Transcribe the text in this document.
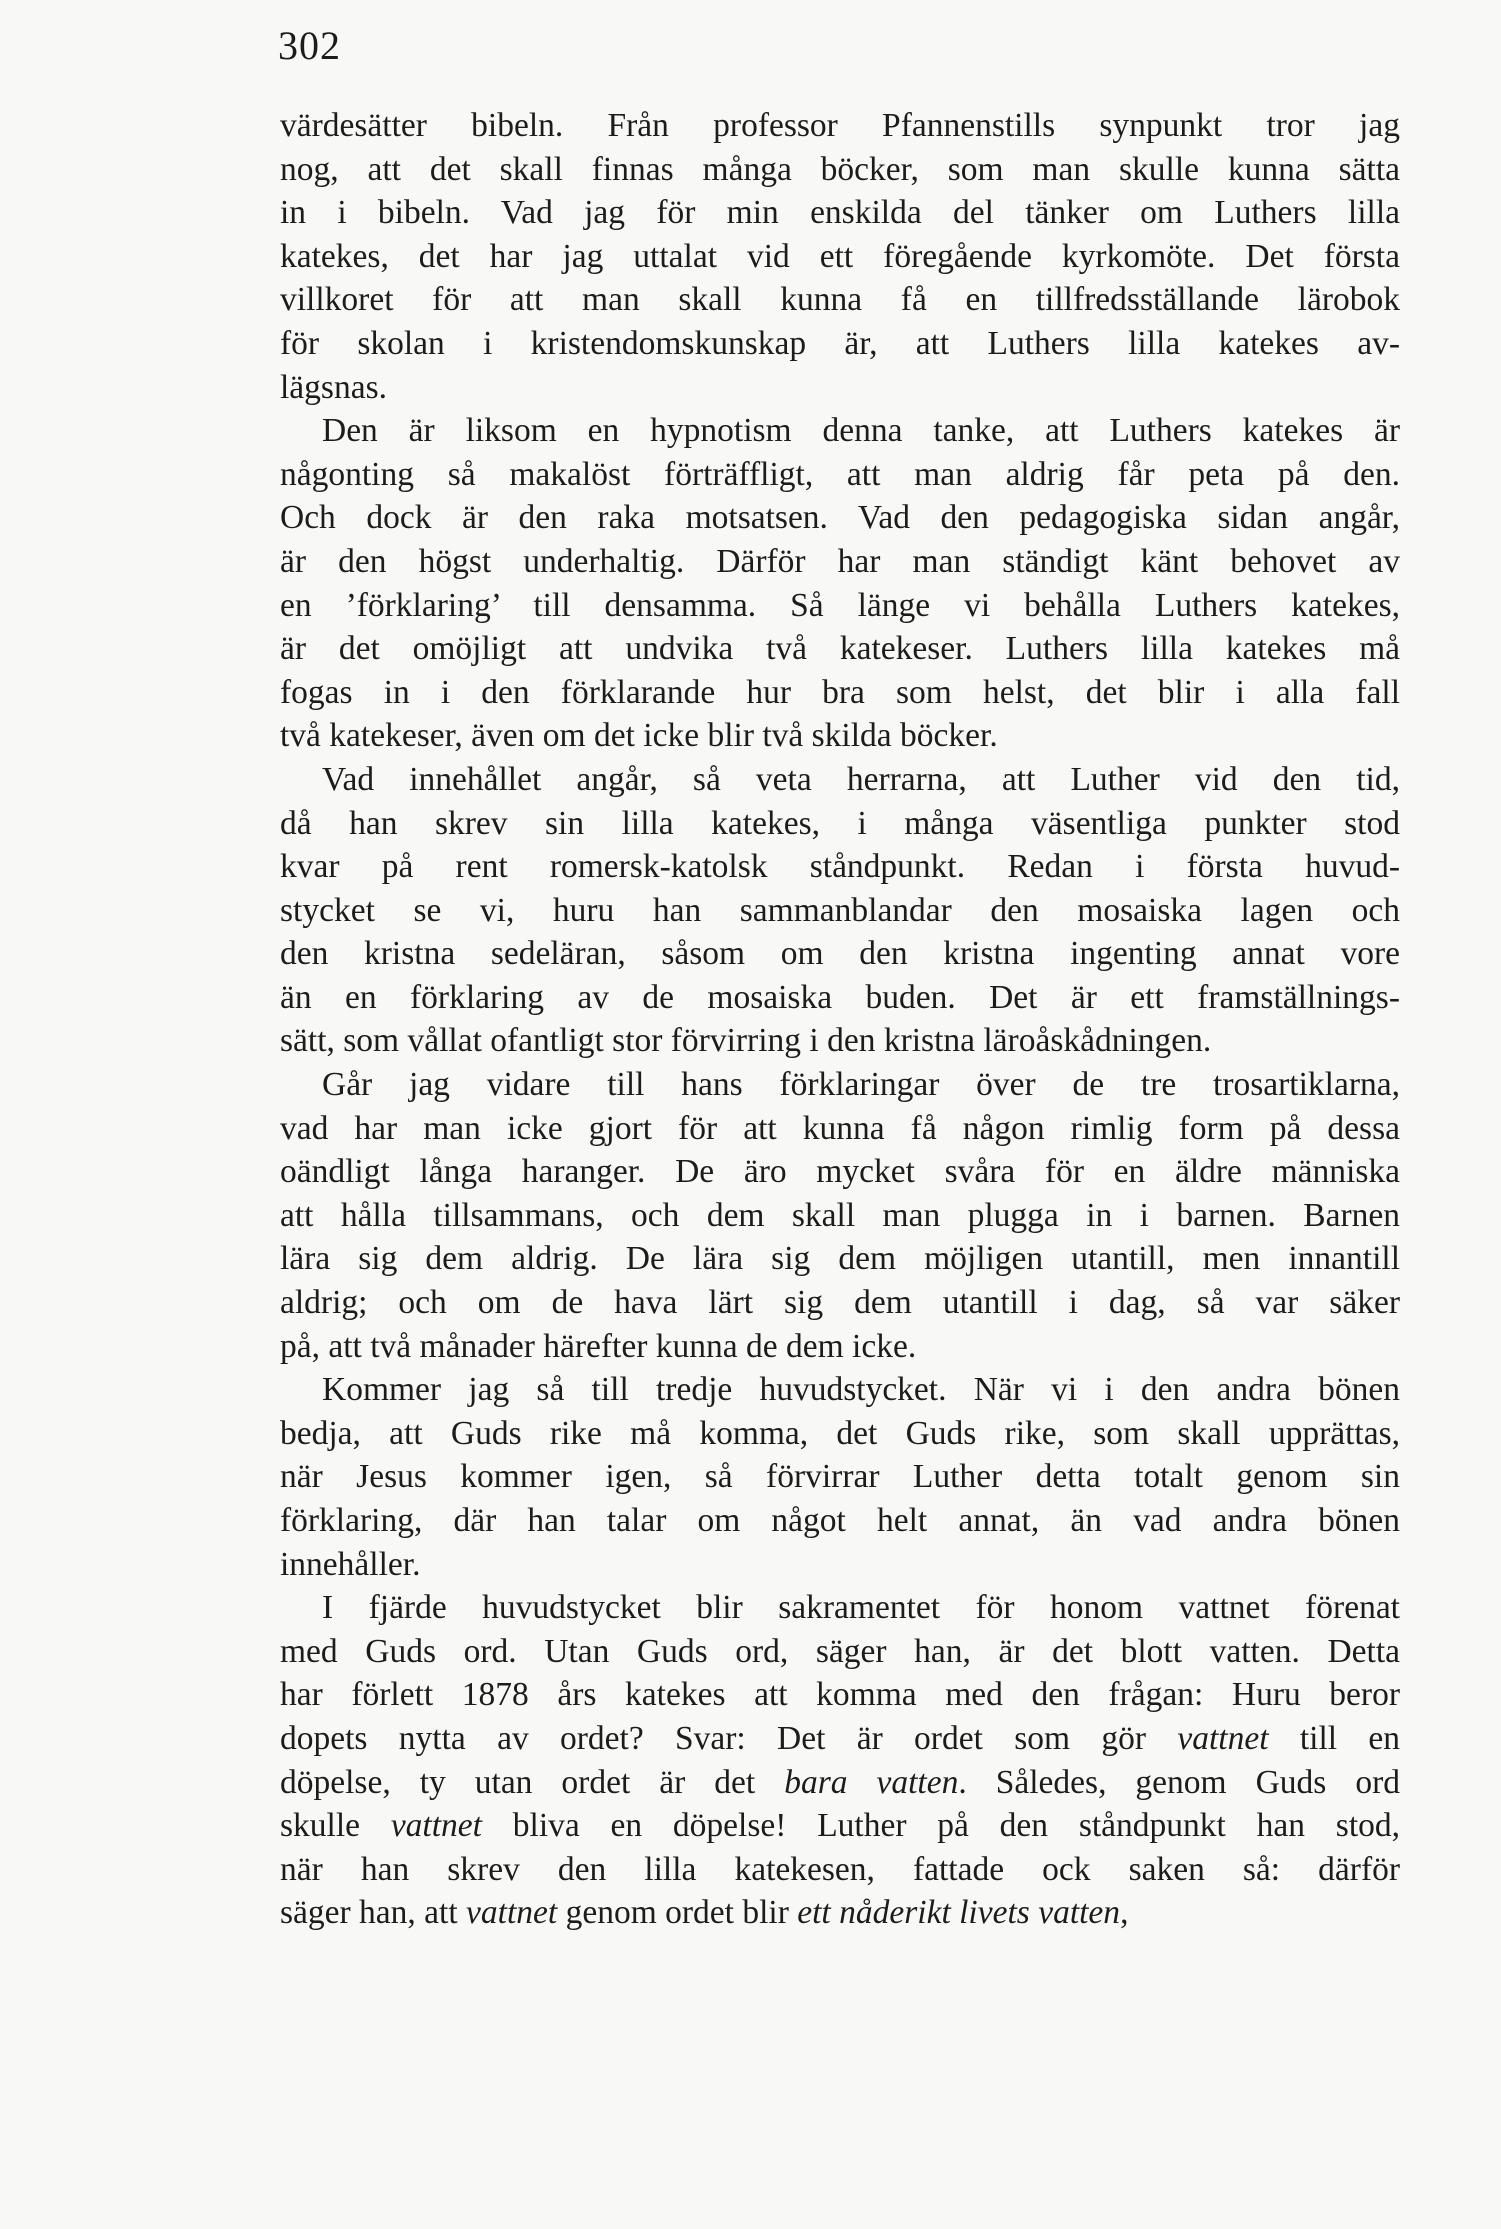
302
värdesätter bibeln. Från professor Pfannenstills synpunkt tror jag
nog, att det skall finnas många böcker, som man skulle kunna sätta
in i bibeln. Vad jag för min enskilda del tänker om Luthers lilla
katekes, det har jag uttalat vid ett föregående kyrkomöte. Det första
villkoret för att man skall kunna få en tillfredsställande lärobok
för skolan i kristendomskunskap är, att Luthers lilla katekes av-
lägsnas.
Den är liksom en hypnotism denna tanke, att Luthers katekes är
någonting så makalöst förträffligt, att man aldrig får peta på den.
Och dock är den raka motsatsen. Vad den pedagogiska sidan angår,
är den högst underhaltig. Därför har man ständigt känt behovet av
en ’förklaring’ till densamma. Så länge vi behålla Luthers katekes,
är det omöjligt att undvika två katekeser. Luthers lilla katekes må
fogas in i den förklarande hur bra som helst, det blir i alla fall
två katekeser, även om det icke blir två skilda böcker.
Vad innehållet angår, så veta herrarna, att Luther vid den tid,
då han skrev sin lilla katekes, i många väsentliga punkter stod
kvar på rent romersk-katolsk ståndpunkt. Redan i första huvud-
stycket se vi, huru han sammanblandar den mosaiska lagen och
den kristna sedeläran, såsom om den kristna ingenting annat vore
än en förklaring av de mosaiska buden. Det är ett framställnings-
sätt, som vållat ofantligt stor förvirring i den kristna läroåskådningen.
Går jag vidare till hans förklaringar över de tre trosartiklarna,
vad har man icke gjort för att kunna få någon rimlig form på dessa
oändligt långa haranger. De äro mycket svåra för en äldre människa
att hålla tillsammans, och dem skall man plugga in i barnen. Barnen
lära sig dem aldrig. De lära sig dem möjligen utantill, men innantill
aldrig; och om de hava lärt sig dem utantill i dag, så var säker
på, att två månader härefter kunna de dem icke.
Kommer jag så till tredje huvudstycket. När vi i den andra bönen
bedja, att Guds rike må komma, det Guds rike, som skall upprättas,
när Jesus kommer igen, så förvirrar Luther detta totalt genom sin
förklaring, där han talar om något helt annat, än vad andra bönen
innehåller.
I fjärde huvudstycket blir sakramentet för honom vattnet förenat
med Guds ord. Utan Guds ord, säger han, är det blott vatten. Detta
har förlett 1878 års katekes att komma med den frågan: Huru beror
dopets nytta av ordet? Svar: Det är ordet som gör vattnet till en
döpelse, ty utan ordet är det bara vatten. Således, genom Guds ord
skulle vattnet bliva en döpelse! Luther på den ståndpunkt han stod,
när han skrev den lilla katekesen, fattade ock saken så: därför
säger han, att vattnet genom ordet blir ett nåderikt livets vatten,
